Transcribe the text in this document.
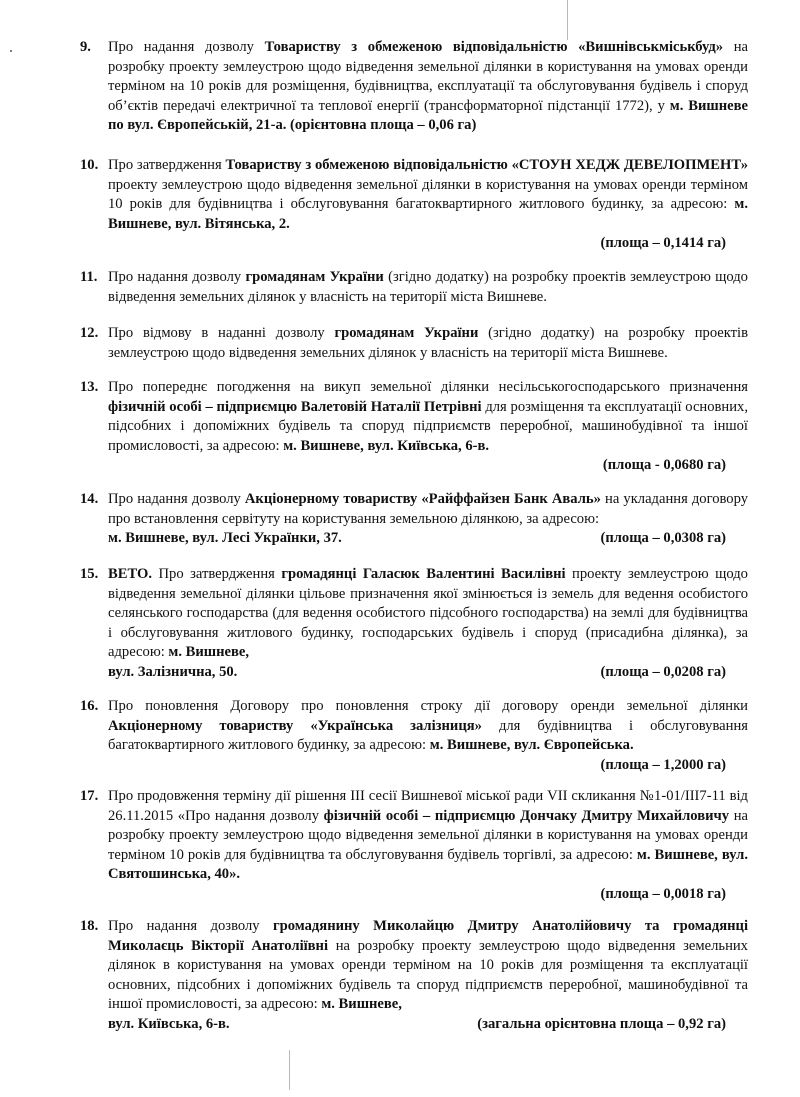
9. Про надання дозволу Товариству з обмеженою відповідальністю «Вишнівськміськбуд» на розробку проекту землеустрою щодо відведення земельної ділянки в користування на умовах оренди терміном на 10 років для розміщення, будівництва, експлуатації та обслуговування будівель і споруд об’єктів передачі електричної та теплової енергії (трансформаторної підстанції 1772), у м. Вишневе по вул. Європейській, 21-а. (орієнтовна площа – 0,06 га)
10. Про затвердження Товариству з обмеженою відповідальністю «СТОУН ХЕДЖ ДЕВЕЛОПМЕНТ» проекту землеустрою щодо відведення земельної ділянки в користування на умовах оренди терміном 10 років для будівництва і обслуговування багатоквартирного житлового будинку, за адресою: м. Вишневе, вул. Вітянська, 2.
(площа – 0,1414 га)
11. Про надання дозволу громадянам України (згідно додатку) на розробку проектів землеустрою щодо відведення земельних ділянок у власність на території міста Вишневе.
12. Про відмову в наданні дозволу громадянам України (згідно додатку) на розробку проектів землеустрою щодо відведення земельних ділянок у власність на території міста Вишневе.
13. Про попереднє погодження на викуп земельної ділянки несільськогосподарського призначення фізичній особі – підприємцю Валетовій Наталії Петрівні для розміщення та експлуатації основних, підсобних і допоміжних будівель та споруд підприємств переробної, машинобудівної та іншої промисловості, за адресою: м. Вишневе, вул. Київська, 6-в.
(площа - 0,0680 га)
14. Про надання дозволу Акціонерному товариству «Райффайзен Банк Аваль» на укладання договору про встановлення сервітуту на користування земельною ділянкою, за адресою:
м. Вишневе, вул. Лесі Українки, 37.	(площа – 0,0308 га)
15. ВЕТО. Про затвердження громадянці Галасюк Валентині Василівні проекту землеустрою щодо відведення земельної ділянки цільове призначення якої змінюється із земель для ведення особистого селянського господарства (для ведення особистого підсобного господарства) на землі для будівництва і обслуговування житлового будинку, господарських будівель і споруд (присадибна ділянка), за адресою: м. Вишневе,
вул. Залізнична, 50.	(площа – 0,0208 га)
16. Про поновлення Договору про поновлення строку дії договору оренди земельної ділянки Акціонерному товариству «Українська залізниця» для будівництва і обслуговування багатоквартирного житлового будинку, за адресою: м. Вишневе, вул. Європейська.
(площа – 1,2000 га)
17. Про продовження терміну дії рішення ІІІ сесії Вишневої міської ради VII скликання №1-01/ІІІ7-11 від 26.11.2015 «Про надання дозволу фізичній особі – підприємцю Дончаку Дмитру Михайловичу на розробку проекту землеустрою щодо відведення земельної ділянки в користування на умовах оренди терміном 10 років для будівництва та обслуговування будівель торгівлі, за адресою: м. Вишневе, вул. Святошинська, 40».
(площа – 0,0018 га)
18. Про надання дозволу громадянину Миколайцю Дмитру Анатолійовичу та громадянці Миколаєць Вікторії Анатоліївні на розробку проекту землеустрою щодо відведення земельних ділянок в користування на умовах оренди терміном на 10 років для розміщення та експлуатації основних, підсобних і допоміжних будівель та споруд підприємств переробної, машинобудівної та іншої промисловості, за адресою: м. Вишневе,
вул. Київська, 6-в.	(загальна орієнтовна площа – 0,92 га)
